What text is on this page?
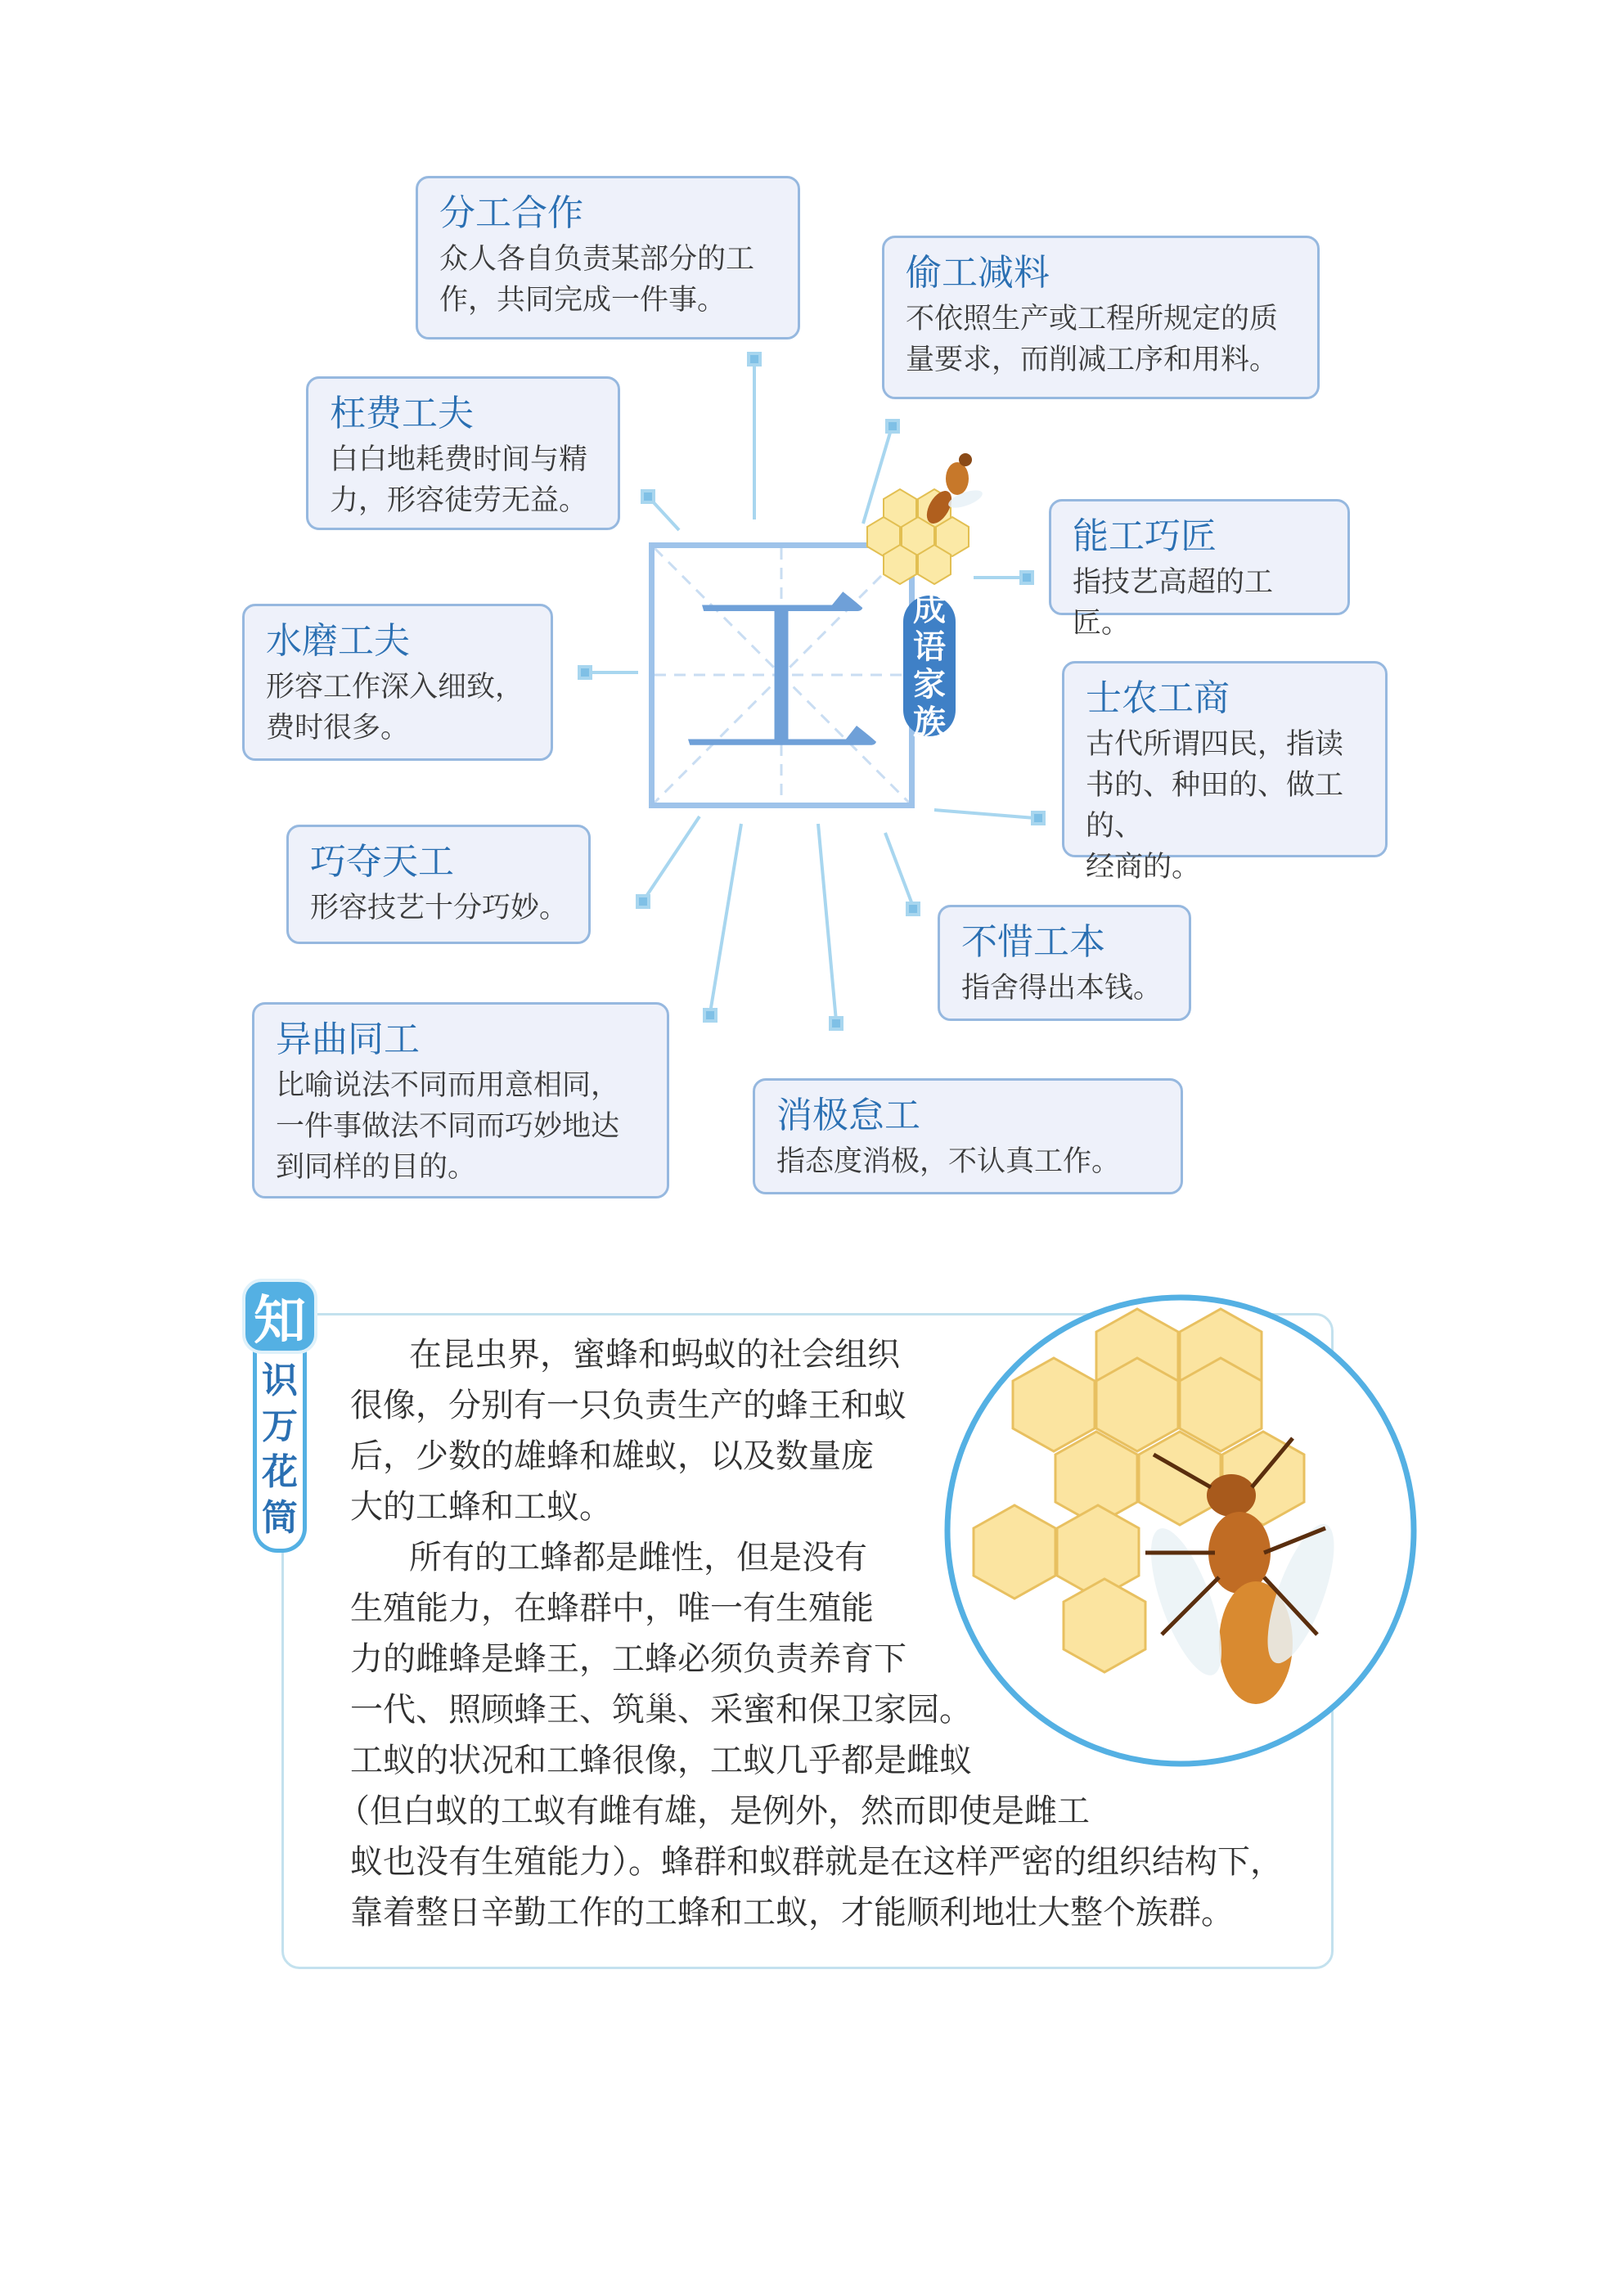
工 成
语
家
族

分工合作

众人各自负责某部分的工

作，共同完成一件事。

偷工减料

不依照生产或工程所规定的质

量要求，而削减工序和用料。

枉费工夫

白白地耗费时间与精

力，形容徒劳无益。

能工巧匠

指技艺高超的工匠。

水磨工夫

形容工作深入细致，

费时很多。

士农工商

古代所谓四民，指读

书的、种田的、做工的、

经商的。

巧夺天工

形容技艺十分巧妙。

不惜工本

指舍得出本钱。

异曲同工

比喻说法不同而用意相同，

一件事做法不同而巧妙地达

到同样的目的。

消极怠工

指态度消极，不认真工作。

识
万
花
筒
知

在昆虫界，蜜蜂和蚂蚁的社会组织

很像，分别有一只负责生产的蜂王和蚁

后，少数的雄蜂和雄蚁，以及数量庞

大的工蜂和工蚁。

所有的工蜂都是雌性，但是没有

生殖能力，在蜂群中，唯一有生殖能

力的雌蜂是蜂王，工蜂必须负责养育下

一代、照顾蜂王、筑巢、采蜜和保卫家园。

工蚁的状况和工蜂很像，工蚁几乎都是雌蚁

（但白蚁的工蚁有雌有雄，是例外，然而即使是雌工

蚁也没有生殖能力）。蜂群和蚁群就是在这样严密的组织结构下，

靠着整日辛勤工作的工蜂和工蚁，才能顺利地壮大整个族群。
